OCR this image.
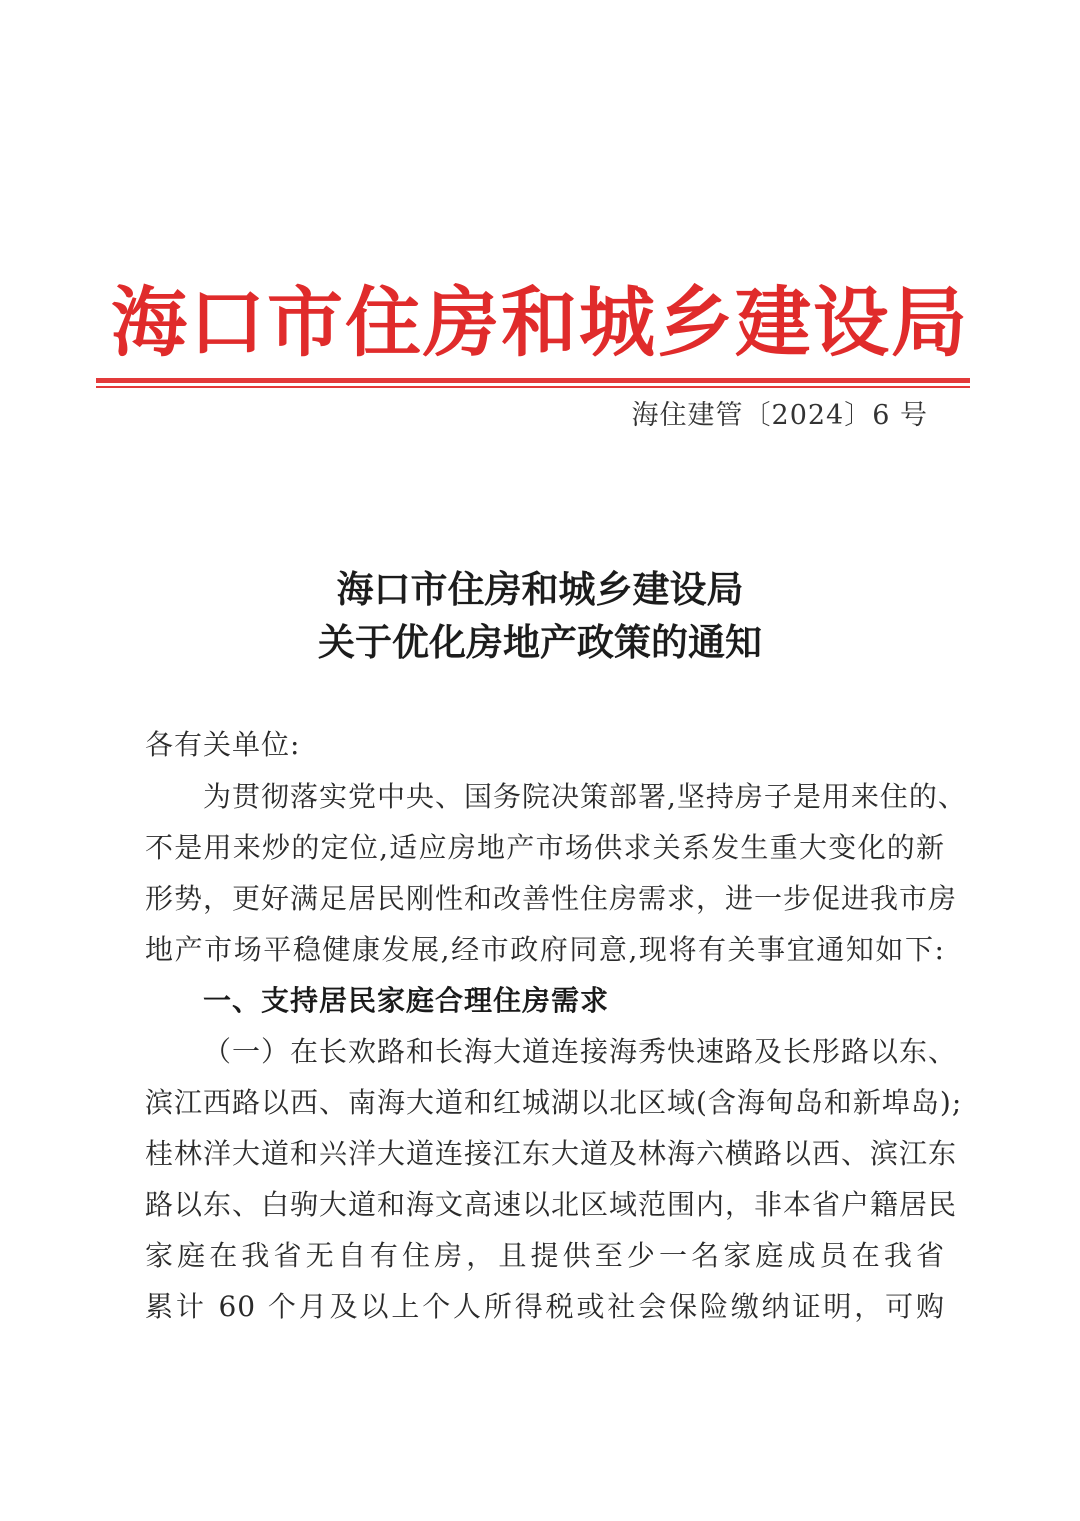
海口市住房和城乡建设局
海住建管〔2024〕6 号
海口市住房和城乡建设局
关于优化房地产政策的通知
各有关单位:
为贯彻落实党中央、国务院决策部署,坚持房子是用来住的、
不是用来炒的定位,适应房地产市场供求关系发生重大变化的新
形势，更好满足居民刚性和改善性住房需求，进一步促进我市房
地产市场平稳健康发展,经市政府同意,现将有关事宜通知如下:
一、支持居民家庭合理住房需求
（一）在长欢路和长海大道连接海秀快速路及长彤路以东、
滨江西路以西、南海大道和红城湖以北区域(含海甸岛和新埠岛);
桂林洋大道和兴洋大道连接江东大道及林海六横路以西、滨江东
路以东、白驹大道和海文高速以北区域范围内，非本省户籍居民
家庭在我省无自有住房，且提供至少一名家庭成员在我省
累计 60 个月及以上个人所得税或社会保险缴纳证明，可购
